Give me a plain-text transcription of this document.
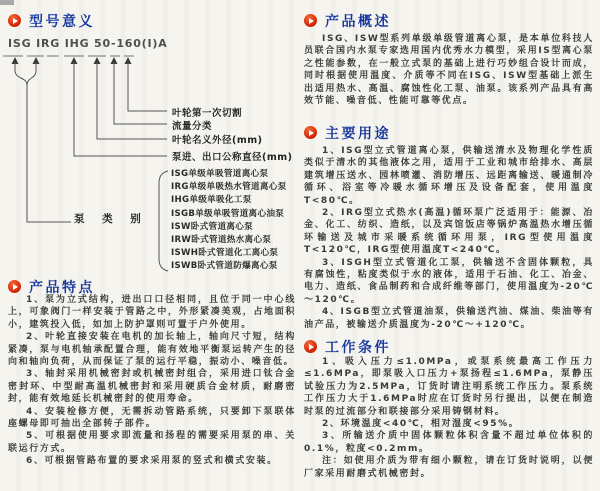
型号意义
ISG IRG IHG 50-160(I)A
叶轮第一次切割
流量分类
叶轮名义外径(mm)
泵进、出口公称直径(mm)
泵 类 别
ISG单级单吸管道离心泵
IRG单级单吸热水管道离心泵
IHG单级单吸化工泵
ISGB单级单吸管道离心油泵
ISW卧式管道离心泵
IRW卧式管道热水离心泵
ISWH卧式管道化工离心泵
ISWB卧式管道防爆离心泵
产品特点

1、泵为立式结构，进出口口径相同，且位于同一中心线上，可象阀门一样安装于管路之中，外形紧凑美观，占地面积小，建筑投入低，如加上防护罩则可置于户外使用。

2、叶轮直接安装在电机的加长轴上，轴向尺寸短，结构紧凑，泵与电机轴承配置合理，能有效地平衡泵运转产生的径向和轴向负荷，从而保证了泵的运行平稳，振动小、噪音低。

3、轴封采用机械密封或机械密封组合，采用进口钛合金密封环、中型耐高温机械密封和采用硬质合金材质，耐磨密封，能有效地延长机械密封的使用寿命。

4、安装检修方便，无需拆动管路系统，只要卸下泵联体座螺母即可抽出全部转子部件。

5、可根据使用要求即流量和扬程的需要采用泵的串、关联运行方式。

6、可根据管路布置的要求采用泵的竖式和横式安装。

产品概述

ISG、ISW型系列单级单级管道离心泵，是本单位科技人员联合国内水泵专家选用国内优秀水力模型，采用IS型离心泵之性能参数，在一般立式泵的基础上进行巧妙组合设计而成，同时根据使用温度、介质等不同在ISG、ISW型基础上派生出适用热水、高温、腐蚀性化工泵、油泵。该系列产品具有高效节能、噪音低、性能可靠等优点。

主要用途

1、ISG型立式管道离心泵，供输送清水及物理化学性质类似于清水的其他液体之用，适用于工业和城市给排水、高层建筑增压送水、园林喷灌、消防增压、远距离输送、暖通制冷循环、浴室等冷暖水循环增压及设备配套，使用温度T<80℃。

2、IRG型立式热水(高温)循环泵广泛适用于：能源、冶金、化工、纺织、造纸，以及宾馆饭店等锅炉高温热水增压循环输送及城市采暖系统循环用泵，IRG型使用温度T<120℃，IRG型使用温度T<240℃。

3、ISGH型立式管道化工泵，供输送不含固体颗粒，具有腐蚀性，粘度类似于水的液体，适用于石油、化工、冶金、电力、造纸、食品制药和合成纤维等部门，使用温度为-20℃～120℃。

4、ISGB型立式管道油泵，供输送汽油、煤油、柴油等有油产品，被输送介质温度为-20℃～+120℃。

工作条件

1、吸入压力≤1.0MPa，或泵系统最高工作压力≤1.6MPa，即泵吸入口压力+泵扬程≤1.6MPa，泵静压试验压力为2.5MPa，订货时请注明系统工作压力。泵系统工作压力大于1.6MPa时应在订货时另行提出，以便在制造时泵的过流部分和联接部分采用铸钢材料。

2、环境温度<40℃，相对湿度<95%。

3、所输送介质中固体颗粒体积含量不超过单位体积的0.1%，粒度<0.2mm。

注：如使用介质为带有细小颗粒，请在订货时说明，以便厂家采用耐磨式机械密封。
